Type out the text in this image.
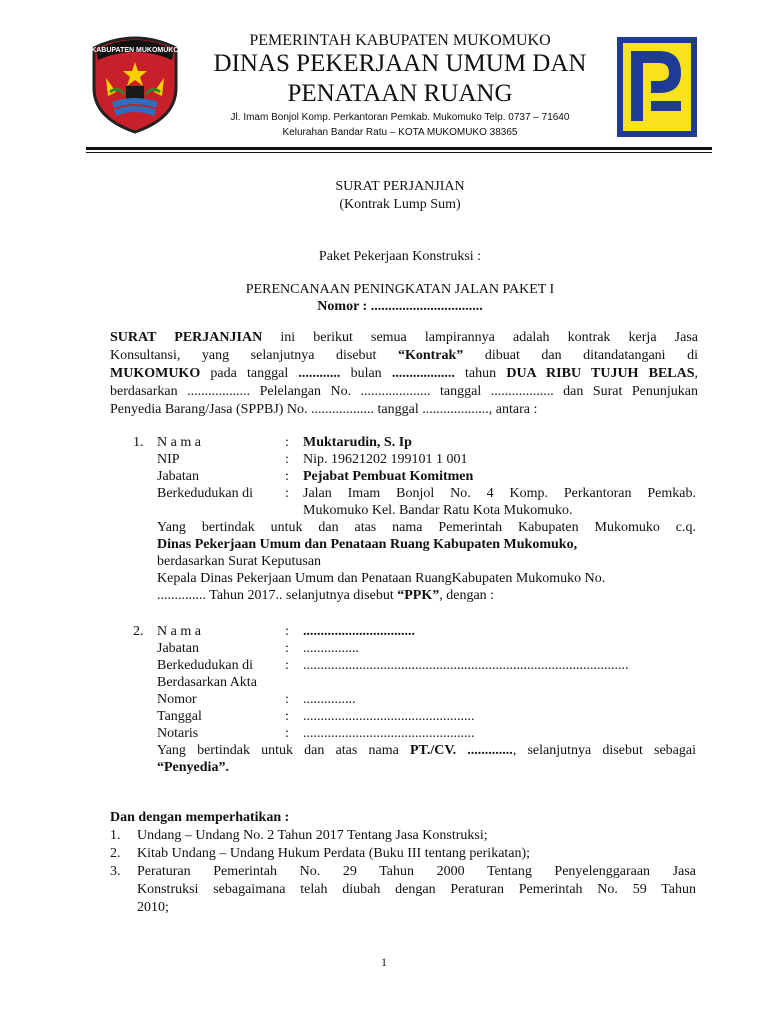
KABUPATEN MUKOMUKO
PEMERINTAH KABUPATEN MUKOMUKO
DINAS PEKERJAAN UMUM DAN
PENATAAN RUANG
Jl. Imam Bonjol Komp. Perkantoran Pemkab. Mukomuko Telp. 0737 – 71640
Kelurahan Bandar Ratu – KOTA MUKOMUKO 38365
SURAT PERJANJIAN
(Kontrak Lump Sum)
Paket Pekerjaan Konstruksi :
PERENCANAAN PENINGKATAN JALAN PAKET I
Nomor : ................................
SURAT PERJANJIAN ini berikut semua lampirannya adalah kontrak kerja Jasa
Konsultansi, yang selanjutnya disebut “Kontrak” dibuat dan ditandatangani di
MUKOMUKO pada tanggal ............ bulan .................. tahun DUA RIBU TUJUH BELAS,
berdasarkan .................. Pelelangan No. .................... tanggal .................. dan Surat Penunjukan
Penyedia Barang/Jasa (SPPBJ) No. .................. tanggal ..................., antara :
1. N a m a	: Muktarudin, S. Ip
NIP	: Nip. 19621202 199101 1 001
Jabatan	: Pejabat Pembuat Komitmen
Berkedudukan di : Jalan Imam Bonjol No. 4 Komp. Perkantoran Pemkab.
Mukomuko Kel. Bandar Ratu Kota Mukomuko.
Yang bertindak untuk dan atas nama Pemerintah Kabupaten Mukomuko c.q.
Dinas Pekerjaan Umum dan Penataan Ruang Kabupaten Mukomuko,
berdasarkan Surat Keputusan
Kepala Dinas Pekerjaan Umum dan Penataan RuangKabupaten Mukomuko No.
.............. Tahun 2017.. selanjutnya disebut “PPK”, dengan :
2. N a m a	: ................................
Jabatan	: ................
Berkedudukan di : .............................................................................................
Berdasarkan Akta
Nomor	: ...............
Tanggal	: .................................................
Notaris	: .................................................
Yang bertindak untuk dan atas nama PT./CV. ............., selanjutnya disebut sebagai
“Penyedia”.
Dan dengan memperhatikan :
1. Undang – Undang No. 2 Tahun 2017 Tentang Jasa Konstruksi;
2. Kitab Undang – Undang Hukum Perdata (Buku III tentang perikatan);
3. Peraturan Pemerintah No. 29 Tahun 2000 Tentang Penyelenggaraan Jasa
Konstruksi sebagaimana telah diubah dengan Peraturan Pemerintah No. 59 Tahun
2010;
1
